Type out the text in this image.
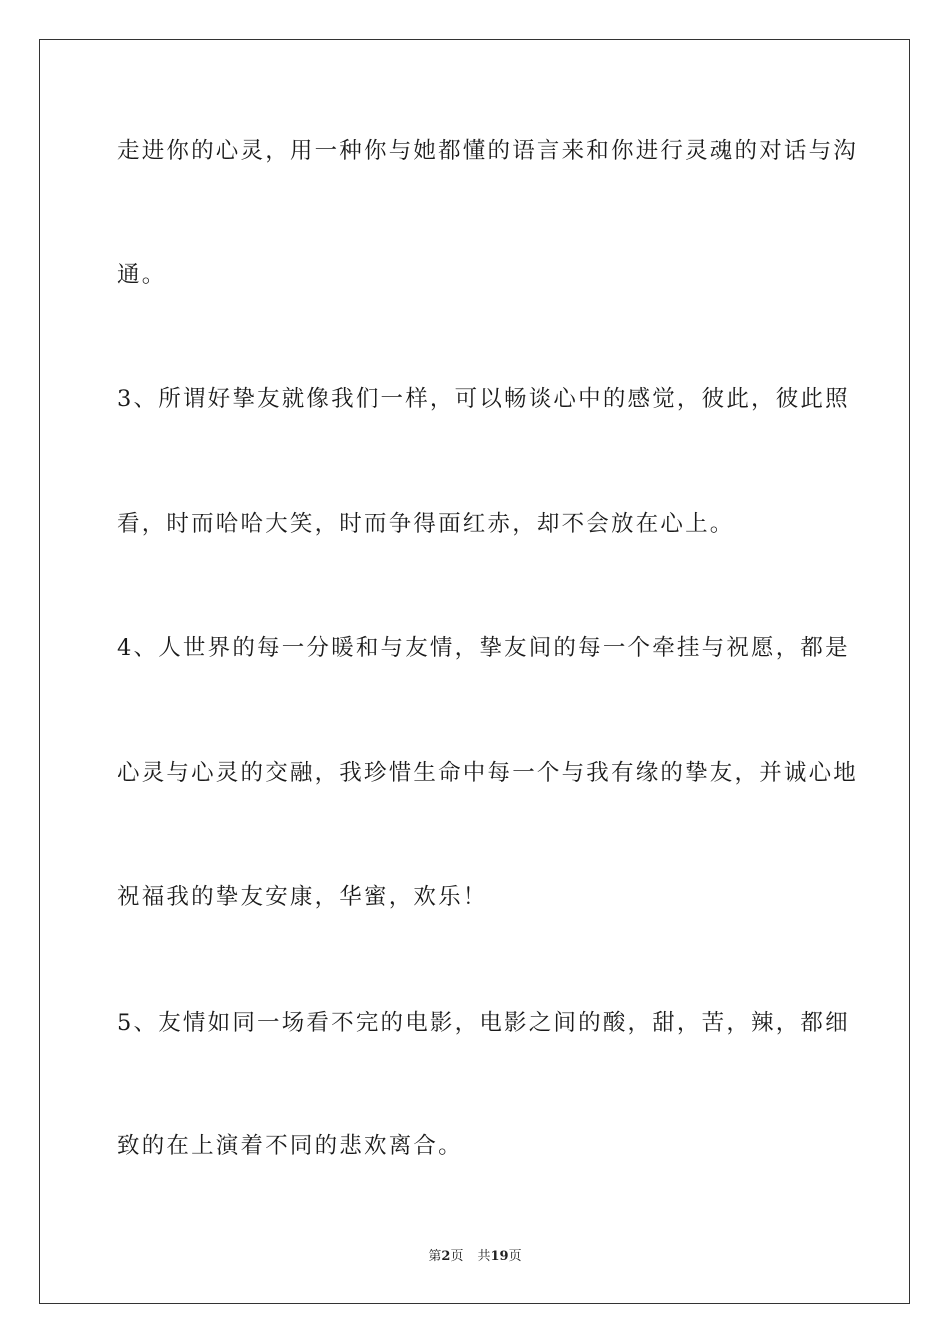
走进你的心灵，用一种你与她都懂的语言来和你进行灵魂的对话与沟
通。
3、所谓好挚友就像我们一样，可以畅谈心中的感觉，彼此，彼此照
看，时而哈哈大笑，时而争得面红赤，却不会放在心上。
4、人世界的每一分暖和与友情，挚友间的每一个牵挂与祝愿，都是
心灵与心灵的交融，我珍惜生命中每一个与我有缘的挚友，并诚心地
祝福我的挚友安康，华蜜，欢乐！
5、友情如同一场看不完的电影，电影之间的酸，甜，苦，辣，都细
致的在上演着不同的悲欢离合。
第2页 共19页
